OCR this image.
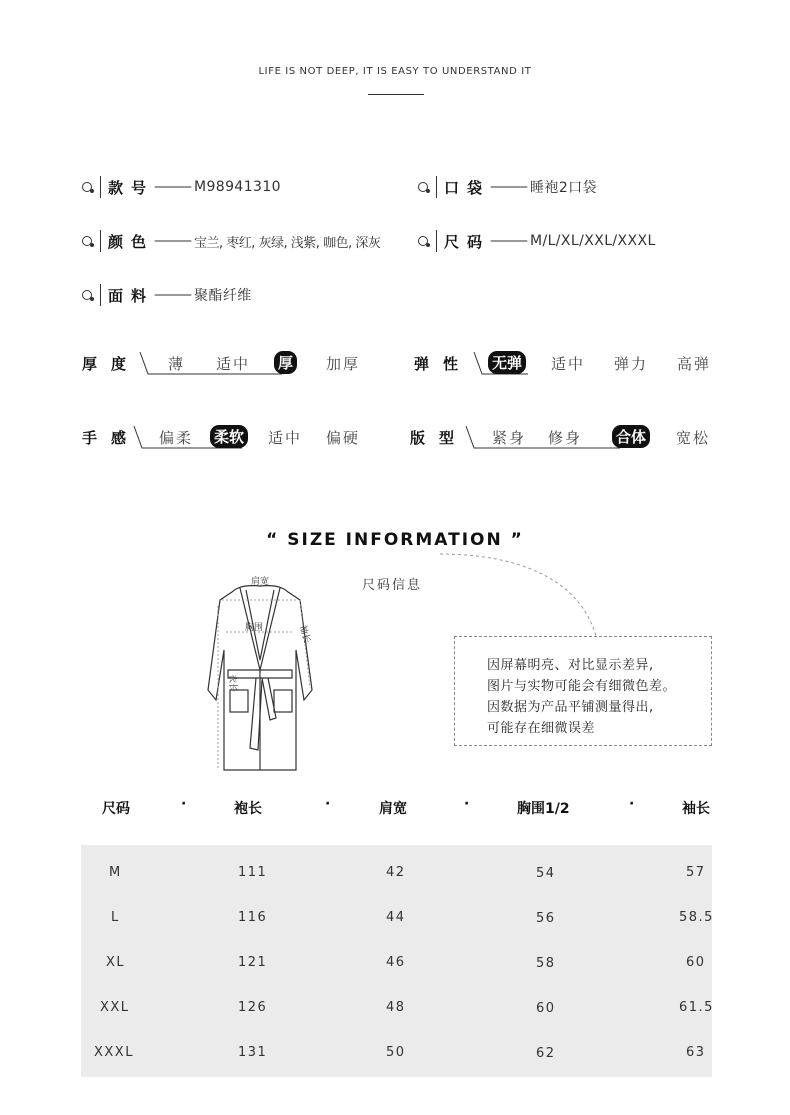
LIFE IS NOT DEEP, IT IS EASY TO UNDERSTAND IT
款号 ——— M98941310	口袋 ——— 睡袍2口袋
颜色 ——— 宝兰, 枣红, 灰绿, 浅紫, 咖色, 深灰	尺码 ——— M/L/XL/XXL/XXXL
面料 ——— 聚酯纤维
厚度 薄 适中 厚 加厚	弹性 无弹 适中 弹力 高弹
手感 偏柔 柔软 适中 偏硬	版型 紧身 修身 合体 宽松
“ SIZE INFORMATION ”
尺码信息
肩宽
胸围	袖长
衣长
因屏幕明亮、对比显示差异,
图片与实物可能会有细微色差。
因数据为产品平铺测量得出,
可能存在细微误差
尺码	·	袍长	·	肩宽	·	胸围1/2	·	袖长
M	111	42	54	57
L	116	44	56	58.5
XL	121	46	58	60
XXL	126	48	60	61.5
XXXL	131	50	62	63
